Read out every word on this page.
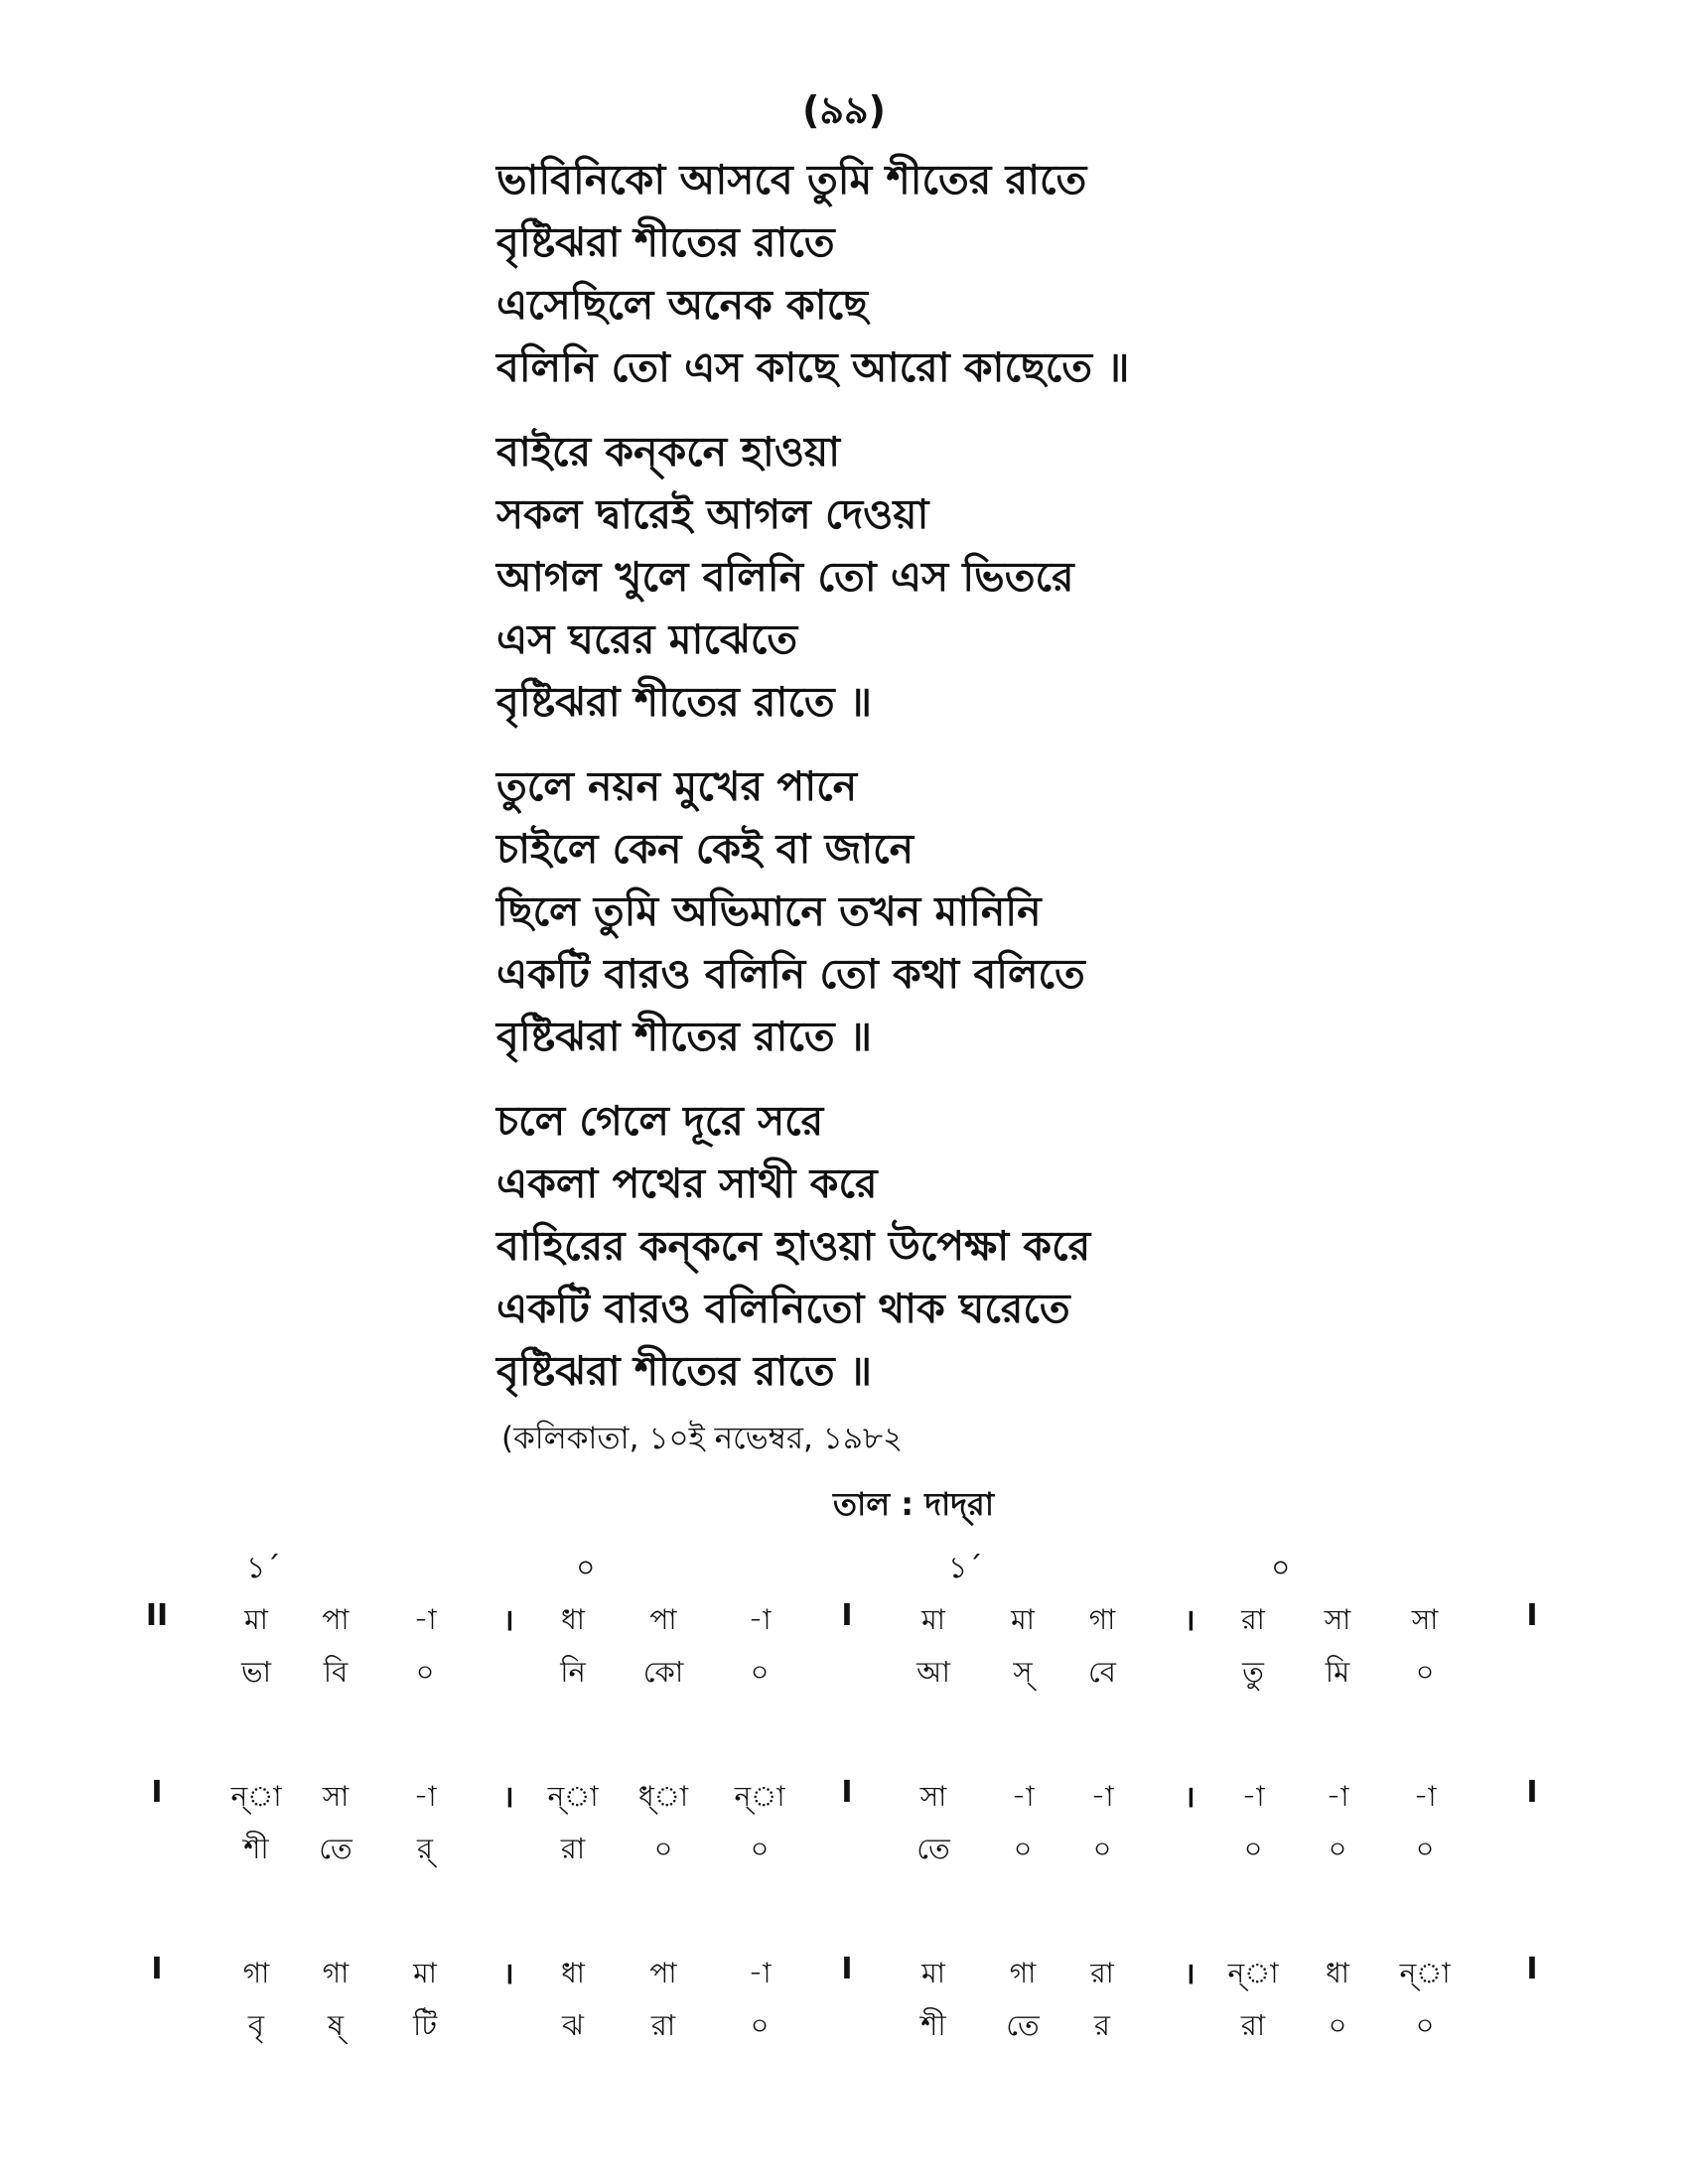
(৯৯)
ভাবিনিকো আসবে তুমি শীতের রাতে
বৃষ্টিঝরা শীতের রাতে
এসেছিলে অনেক কাছে
বলিনি তো এস কাছে আরো কাছেতে ॥
বাইরে কন্‌কনে হাওয়া
সকল দ্বারেই আগল দেওয়া
আগল খুলে বলিনি তো এস ভিতরে
এস ঘরের মাঝেতে
বৃষ্টিঝরা শীতের রাতে ॥
তুলে নয়ন মুখের পানে
চাইলে কেন কেই বা জানে
ছিলে তুমি অভিমানে তখন মানিনি
একটি বারও বলিনি তো কথা বলিতে
বৃষ্টিঝরা শীতের রাতে ॥
চলে গেলে দূরে সরে
একলা পথের সাথী করে
বাহিরের কন্‌কনে হাওয়া উপেক্ষা করে
একটি বারও বলিনিতো থাক ঘরেতে
বৃষ্টিঝরা শীতের রাতে ॥
(কলিকাতা, ১০ই নভেম্বর, ১৯৮২
তাল : দাদ্‌রা
১´	০	১´	০
II	মা	পা	-া	।	ধা	পা	-া	I	মা	মা	গা	।	রা	সা	সা	I
ভা	বি	০	নি	কো	০	আ	স্	বে	তু	মি	০
I	ন্‌া	সা	-া	।	ন্‌া ধ্‌া ন্‌া	I	সা	-া	-া	।	-া	-া	-া	I
শী	তে	র্	রা	০	০	তে	০	০	০	০	০
I	গা	গা	মা	।	ধা	পা	-া	I	মা	গা	রা	।	ন্‌া	ধা	ন্‌া	I
বৃ	ষ্	টি	ঝ	রা	০	শী	তে	র	রা	০	০
